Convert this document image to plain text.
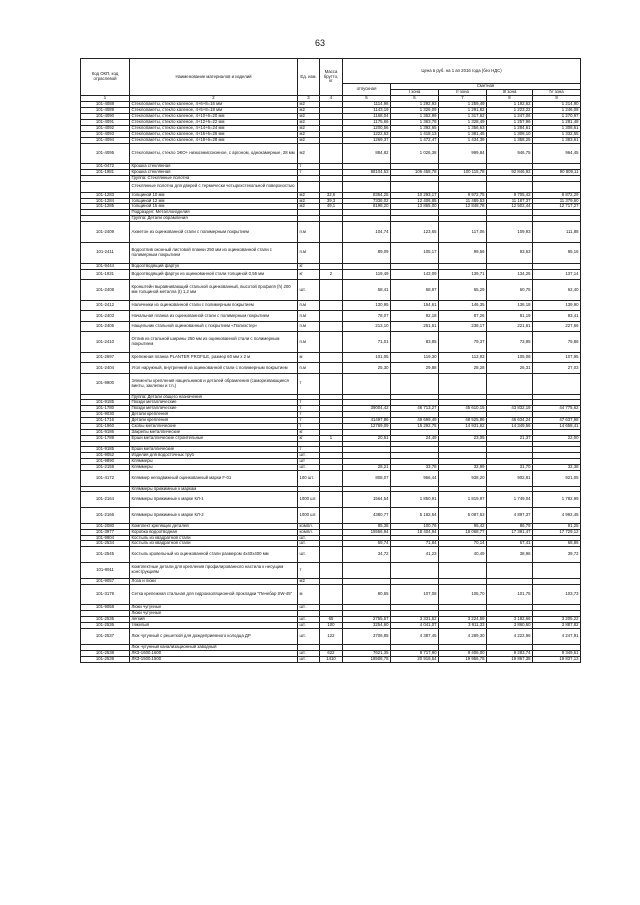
63
Код ОКП, код отраслевой	Наименование материалов и изделий	Ед. изм.	Масса брутто, кг	Цена в руб. на 1 ап 2016 года (без НДС)				
				отпускная	Сметная			
					I зона	II зона	III зона	IV зона
1	2	3	4	5	6	7	8	9
101-4088	Стеклопакеты, стекло каленое, 4+6+8=16 мм	м2		1114,98	1 292,93	1 259,49	1 192,62	1 214,90
101-4089	Стеклопакеты, стекло каленое, 4+5+8=18 мм	м2		1143,19	1 326,09	1 291,82	1 223,22	1 246,08
101-4090	Стеклопакеты, стекло каленое, 4+10+6=20 мм	м2		1168,04	1 352,99	1 317,62	1 247,06	1 270,97
101-4091	Стеклопакеты, стекло каленое, 4+12+6=22 мм	м2		1175,66	1 363,78	1 328,49	1 257,96	1 281,48
101-4092	Стеклопакеты, стекло каленое, 4+14+6=24 мм	м2		1200,56	1 392,65	1 356,63	1 284,61	1 308,61
101-4093	Стеклопакеты, стекло каленое, 4+16+6=26 мм	м2		1222,53	1 418,13	1 381,45	1 308,10	1 332,55
101-4094	Стеклопакеты, стекло каленое, 4+18+6=28 мм	м2		1269,37	1 472,47	1 434,39	1 358,25	1 383,61
101-4095	Стеклопакеты, стекло ЭКО+ низкоэмиссионное, с аргоном, однокамерные, 28 мм	м2		884,82	1 026,38	999,84	946,75	964,45
101-0472	Крошка стеклянная	т						
101-1981	Крошка стеклянная	т		88104,53	106 458,78	100 115,78	92 846,92	90 809,11
	Группа: Стеклянные полотна							
	Стеклянные полотна для дверей с термически четырехстекольной поверхностью							
101-1283	толщиной 10 мм	м2	32,6	8364,25	10 293,17	9 972,75	9 705,42	9 872,29
101-1284	толщиной 12 мм	м2	39,3	7336,02	12 406,85	11 489,53	11 187,37	11 379,60
101-1285	толщиной 15 мм	м2	49,1	8198,20	13 865,00	12 848,78	12 502,44	12 717,27
	Подраздел: Металлоизделия							
	Группа: Детали обрамления							
101-2409	Ахметон из оцинкованной стали с полимерным покрытием	п.м		104,74	123,65	117,06	109,93	111,88
101-2411	Водоотлив оконный листовой планки 250 мм из оцинкованной стали с полимерным покрытием	п.м		89,09	105,17	99,56	93,63	95,16
101-9444	Водоотводящий фартук	кг						
101-1931	Водоотводящий фартук из оцинкованной стали толщиной 0,55 мм	кг	2	119,49	143,09	139,71	134,25	137,14
101-2408	Кронштейн выравнивающий стальной оцинкованный, высотой профиля (h) 200 мм толщиной металла (t) 1,2 мм	шт.		58,41	68,97	65,29	60,75	62,40
101-2412	Наличники из оцинкованной стали с полимерным покрытием	п.м		130,95	154,61	146,35	136,18	139,90
101-2403	Начальная планка из оцинкованной стали с полимерным покрытием	п.м		78,07	92,18	87,26	81,19	83,41
101-2405	Нащельник стальной оцинкованный с покрытием «Полиэстер»	п.м		213,10	251,61	238,17	221,61	227,66
101-2410	Отлив из стальной ширины 250 мм из оцинкованной стали с полимерным покрытием	п.м		71,01	83,85	79,37	73,85	75,86
101-2697	Крепежная планка PLANTER PROFILE, размер 60 мм х 2 м	м		101,05	119,30	112,93	105,08	107,95
101-2404	Угол наружный, внутренний из оцинкованной стали с полимерным покрытием	п.м		25,30	29,88	28,28	26,31	27,03
101-9900	Элементы крепления нащельников и деталей обрамления (саморезвающиеся винты, заклепки и т.п.)	т						
	Группа: Детали общего назначения							
101-9185	Гвозди металлические	т						
101-1780	Гвозди металлические	т		39004,42	46 713,27	45 610,15	43 832,19	44 775,62
101-9030	Детали крепления	т						
101-1716	Детали крепления	т		41497,86	49 699,49	48 525,86	46 634,24	47 637,98
101-1960	Скобы металлические	т		12769,09	15 292,75	14 931,62	14 349,56	14 658,41
101-9186	Закрепы металлические	кг						
101-1789	Ерши металлические строительные	кг	1	20,51	24,49	23,05	21,37	22,00

101-9185	Ерши металлические	т						
101-9052	Изделия для водосточных труб	шт.						
101-9890	Кляммеры	шт						
101-2159	Кляммеры	шт.		28,21	33,78	32,99	31,70	32,38
101-4172	Кляммер неподвижный оцинкованный марки F-01	100 шт.		808,07	956,44	938,20	902,81	921,05
	Кляммеры прижимные к маркам							
101-2164	Кляммеры прижимные к марке КЛ-1	1000 шт.		1564,54	1 850,91	1 819,97	1 749,04	1 782,99
101-2166	Кляммеры прижимные к марке КЛ-2	1000 шт.		4380,77	5 182,64	5 087,53	4 897,37	4 992,45
101-2080	Комплект крепящих деталей	компл.		85,38	100,76	95,42	86,79	91,25
101-3977	Коробка водоотводная	компл.		15556,94	18 404,94	18 068,77	17 391,47	17 729,12
101-9904	Костыль из квадратной стали	шт.						
101-2534	Костыль из квадратной стали	шт.		59,74	71,84	70,14	67,41	68,86
101-2545	Костыль кровельный из оцинкованной стали размером 4х40х400 мм	шт.		34,72	41,23	40,49	38,96	39,72
101-8911	Комплектные детали для крепления профилированного настила к несущим конструкциям	т						
101-9057	Лоза и люки	м2						
101-3179	Сетка крепежная стальная для гидроизоляционной прокладки "Пенебар SW-45"	м		90,65	107,08	105,70	101,75	103,73
101-9058	Люки чугунные	шт.						
	Люки чугунные							
101-2535	легкий	шт.	65	2755,57	3 331,52	3 224,59	3 182,66	3 205,22
101-2536	тяжелый	шт.	100	3254,60	4 041,07	3 911,33	3 860,50	3 887,82
101-2537	Люк чугунный с решеткой для дождеприемного колодца ДР	шт.	122	3706,85	4 387,45	4 289,30	4 222,96	4 247,91
	Люк чугунный канализационный заводный							
101-2538	ЛКЗ-1600.1600	шт.	622	7621,35	9 717,90	9 406,00	9 283,74	9 349,61
101-2539	ЛКЗ-1500.1500	шт.	1410	18508,78	20 918,54	19 956,78	19 867,38	19 837,13
